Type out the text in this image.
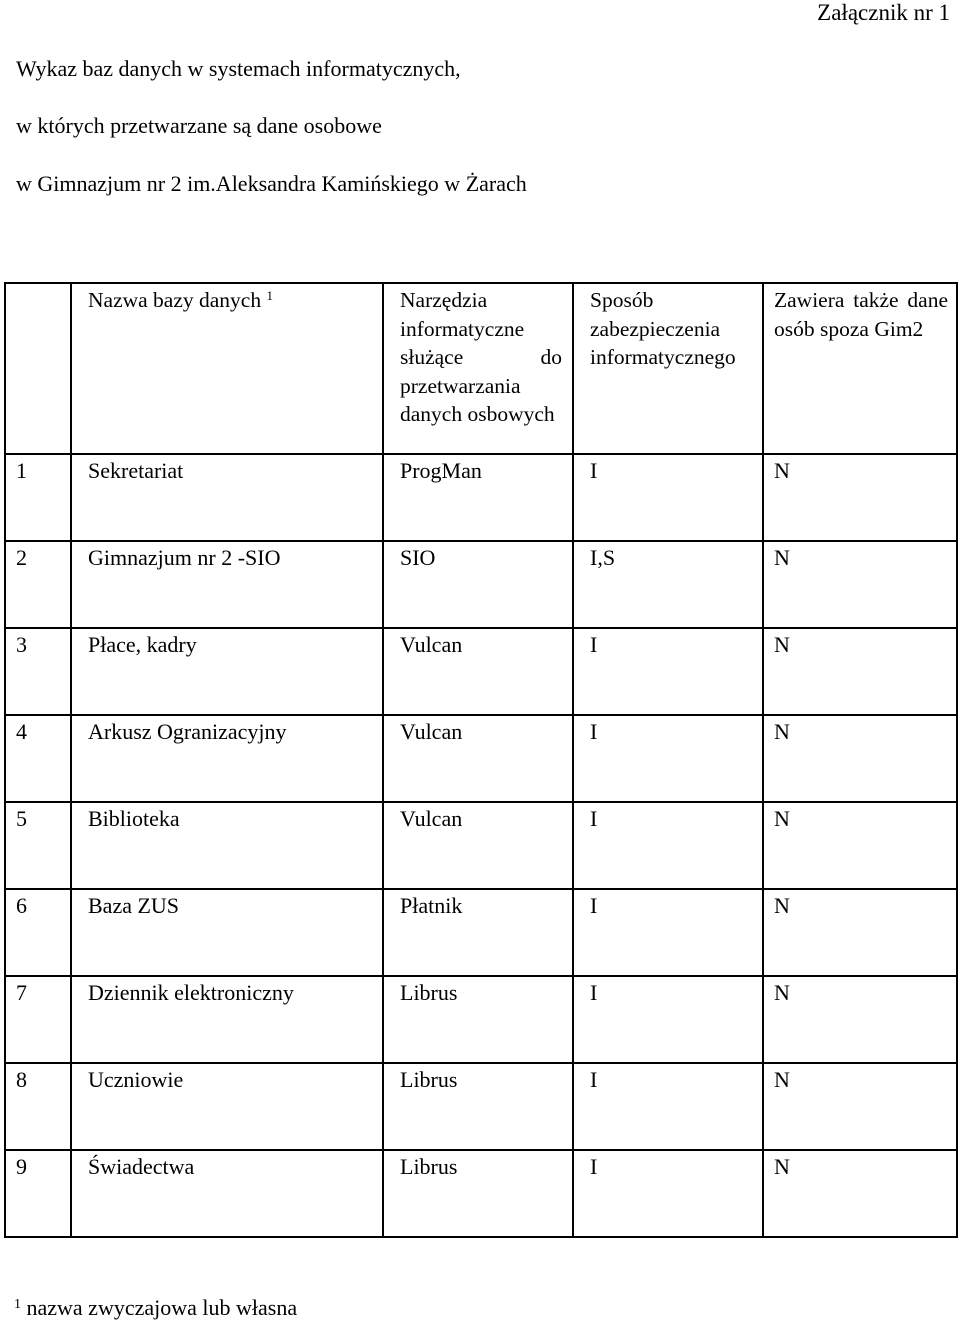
Załącznik nr 1

Wykaz baz danych w systemach informatycznych,

w których przetwarzane są dane osobowe

w Gimnazjum nr 2 im.Aleksandra Kamińskiego w Żarach

	Nazwa bazy danych $^1$	Narzędzia informatyczne służące do przetwarzania danych osbowych	Sposób zabezpieczenia informatycznego	Zawiera także dane osób spoza Gim2

1	Sekretariat	ProgMan	I	N

2	Gimnazjum nr 2 -SIO	SIO	I,S	N

3	Płace, kadry	Vulcan	I	N

4	Arkusz Ogranizacyjny	Vulcan	I	N

5	Biblioteka	Vulcan	I	N

6	Baza ZUS	Płatnik	I	N

7	Dziennik elektroniczny	Librus	I	N

8	Uczniowie	Librus	I	N

9	Świadectwa	Librus	I	N

$^1$ nazwa zwyczajowa lub własna
